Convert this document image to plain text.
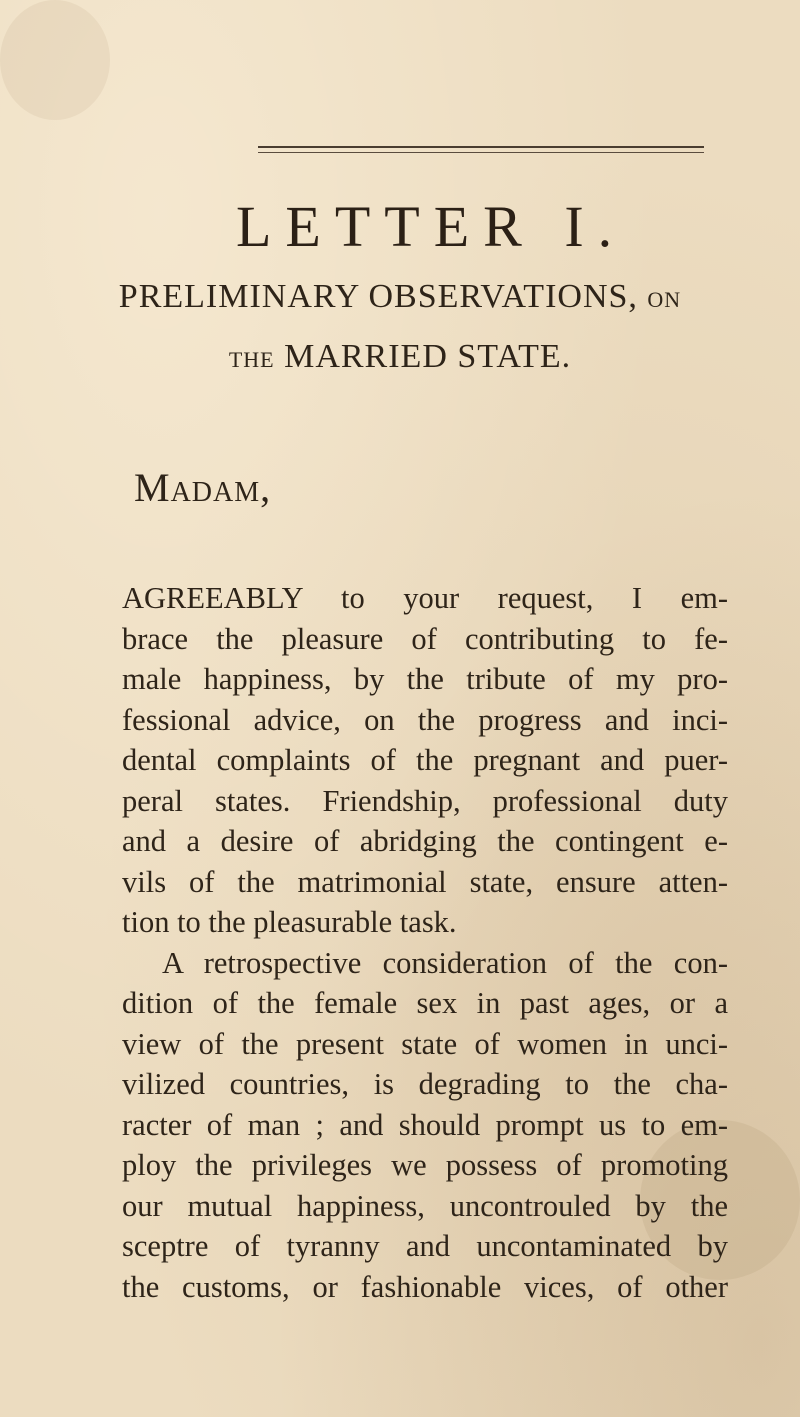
LETTER I.
PRELIMINARY OBSERVATIONS, ON
THE MARRIED STATE.
Madam,
AGREEABLY to your request, I em-
brace the pleasure of contributing to fe-
male happiness, by the tribute of my pro-
fessional advice, on the progress and inci-
dental complaints of the pregnant and puer-
peral states. Friendship, professional duty
and a desire of abridging the contingent e-
vils of the matrimonial state, ensure atten-
tion to the pleasurable task.
A retrospective consideration of the con-
dition of the female sex in past ages, or a
view of the present state of women in unci-
vilized countries, is degrading to the cha-
racter of man ; and should prompt us to em-
ploy the privileges we possess of promoting
our mutual happiness, uncontrouled by the
sceptre of tyranny and uncontaminated by
the customs, or fashionable vices, of other
